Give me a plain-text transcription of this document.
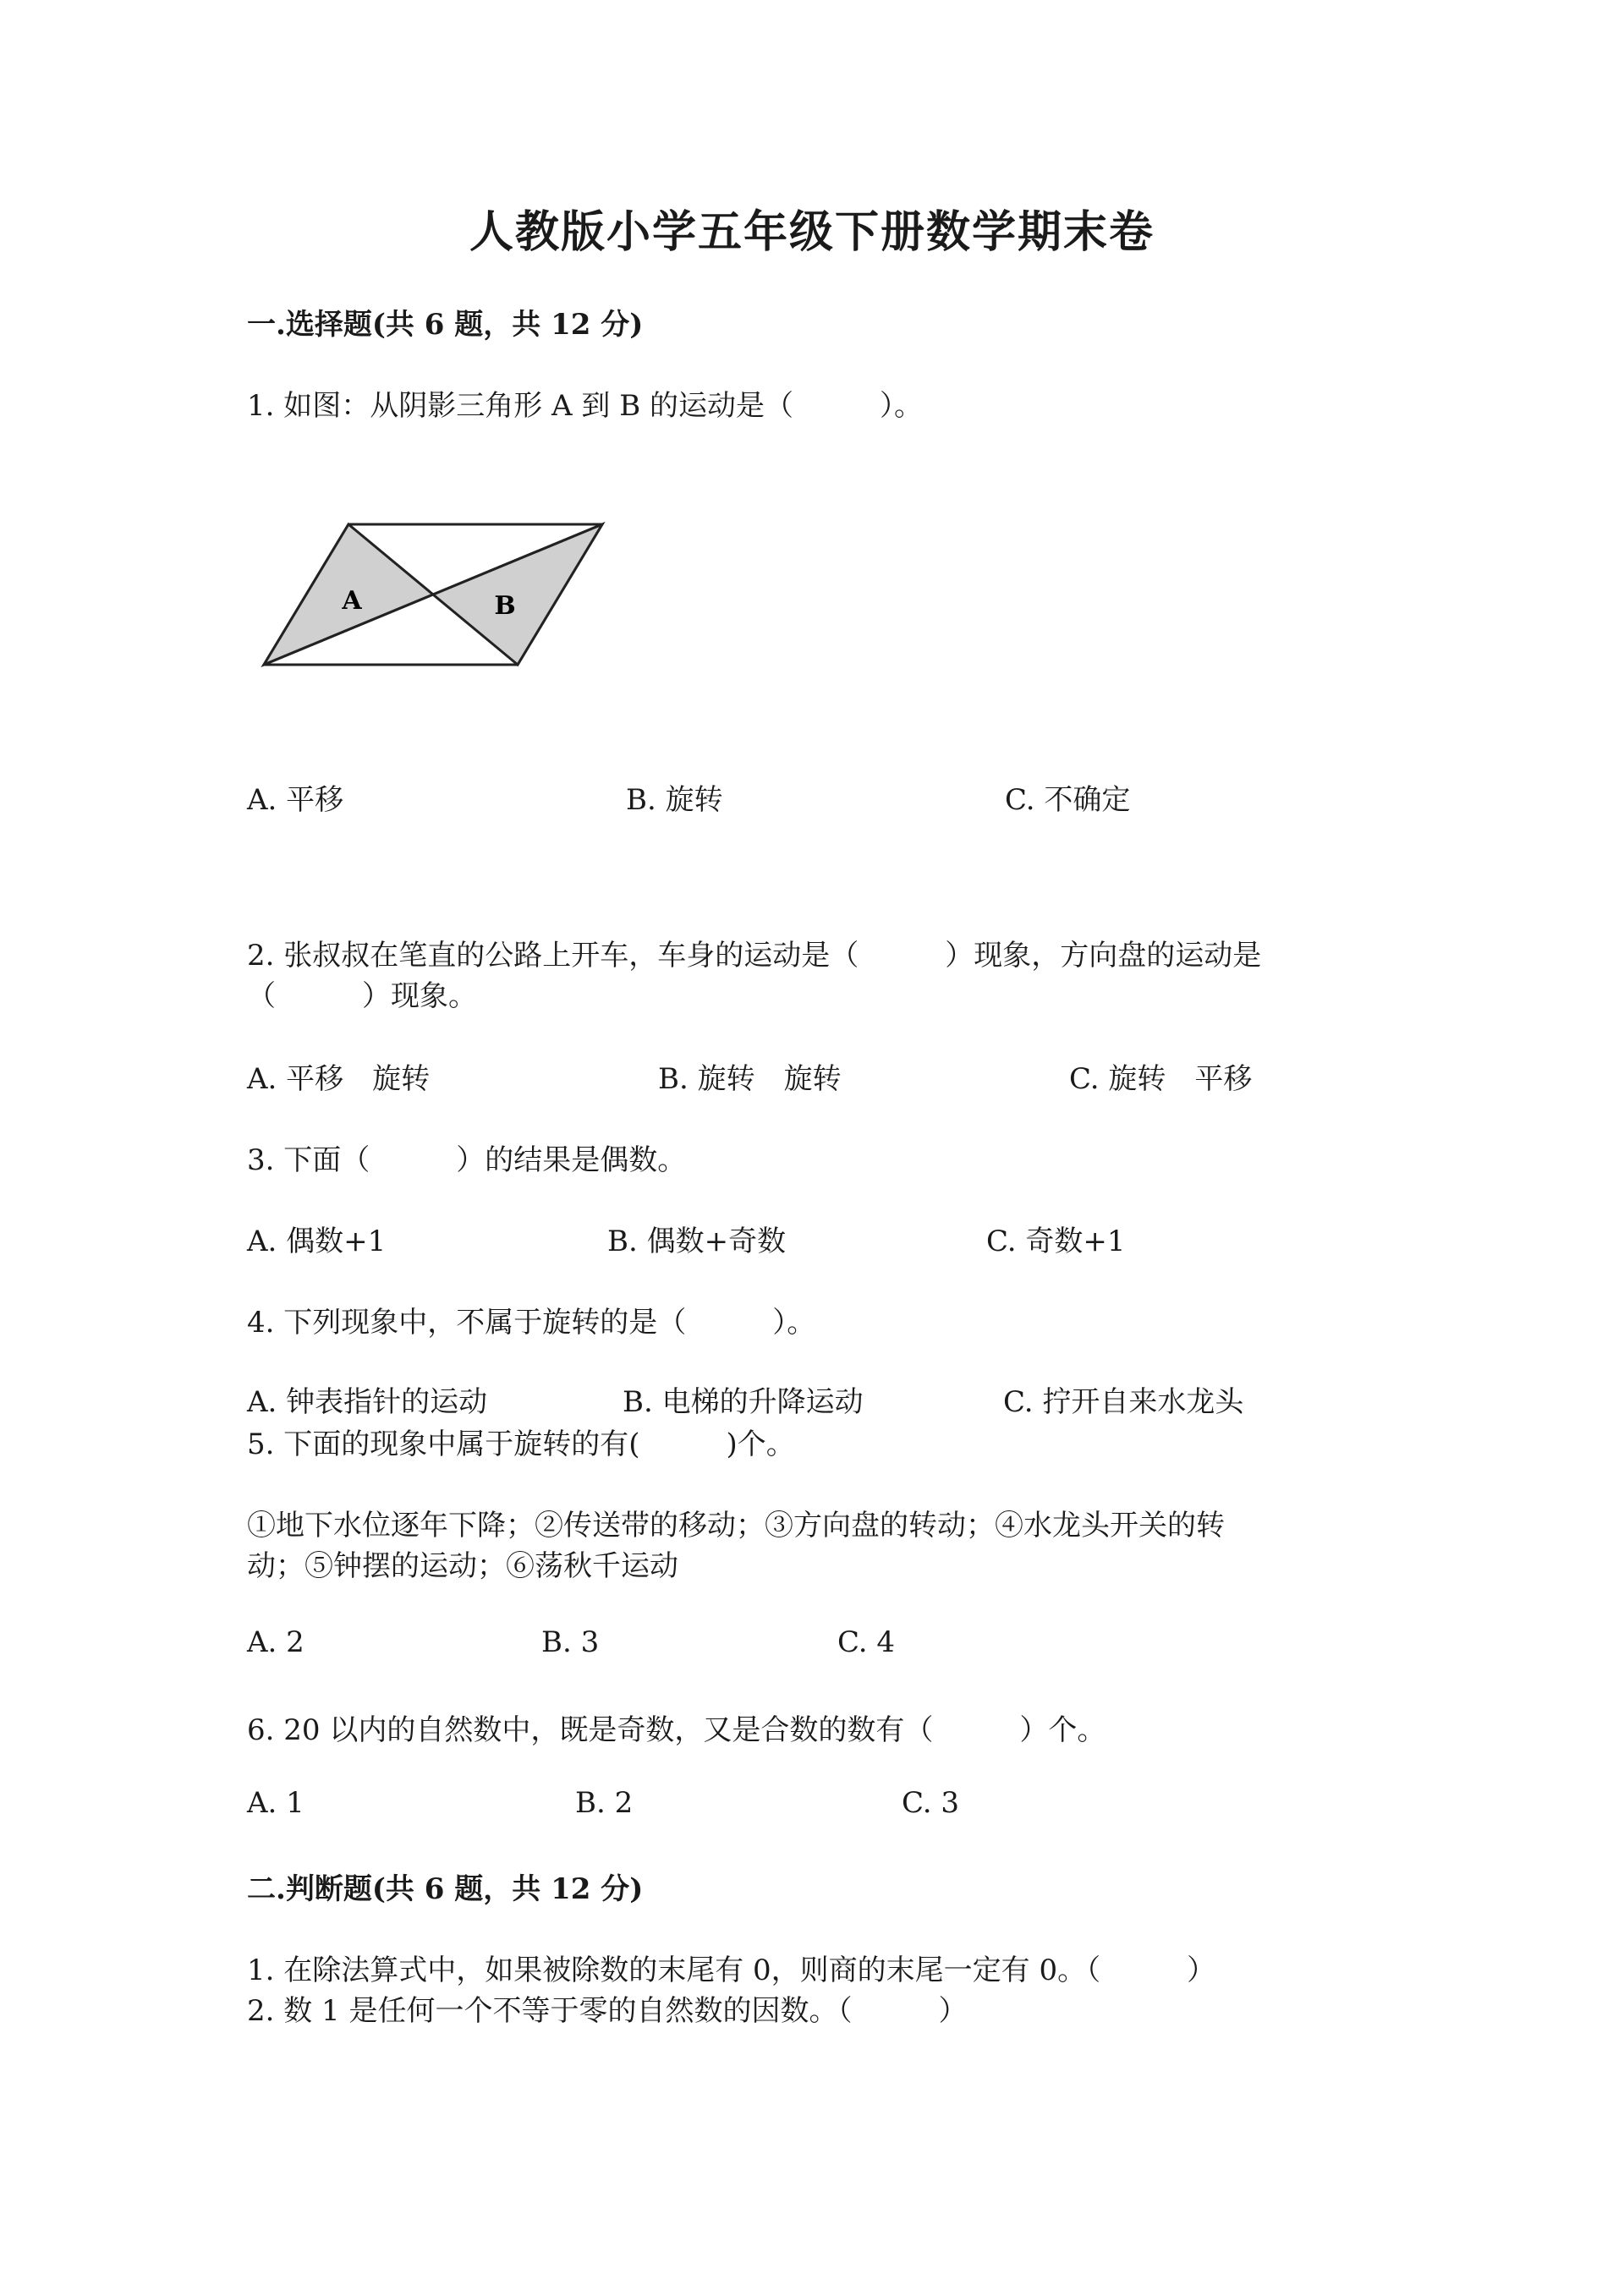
人教版小学五年级下册数学期末卷
一.选择题(共 6 题，共 12 分)
1. 如图：从阴影三角形 A 到 B 的运动是（　　　）。
A	B
A. 平移	B. 旋转	C. 不确定
2. 张叔叔在笔直的公路上开车，车身的运动是（　　　）现象，方向盘的运动是
（　　　）现象。
A. 平移　旋转	B. 旋转　旋转	C. 旋转　平移
3. 下面（　　　）的结果是偶数。
A. 偶数+1	B. 偶数+奇数	C. 奇数+1
4. 下列现象中，不属于旋转的是（　　　）。
A. 钟表指针的运动	B. 电梯的升降运动	C. 拧开自来水龙头
5. 下面的现象中属于旋转的有(　　　)个。
①地下水位逐年下降；②传送带的移动；③方向盘的转动；④水龙头开关的转
动；⑤钟摆的运动；⑥荡秋千运动
A. 2	B. 3	C. 4
6. 20 以内的自然数中，既是奇数，又是合数的数有（　　　）个。
A. 1	B. 2	C. 3
二.判断题(共 6 题，共 12 分)
1. 在除法算式中，如果被除数的末尾有 0，则商的末尾一定有 0。（　　　）
2. 数 1 是任何一个不等于零的自然数的因数。（　　　）
